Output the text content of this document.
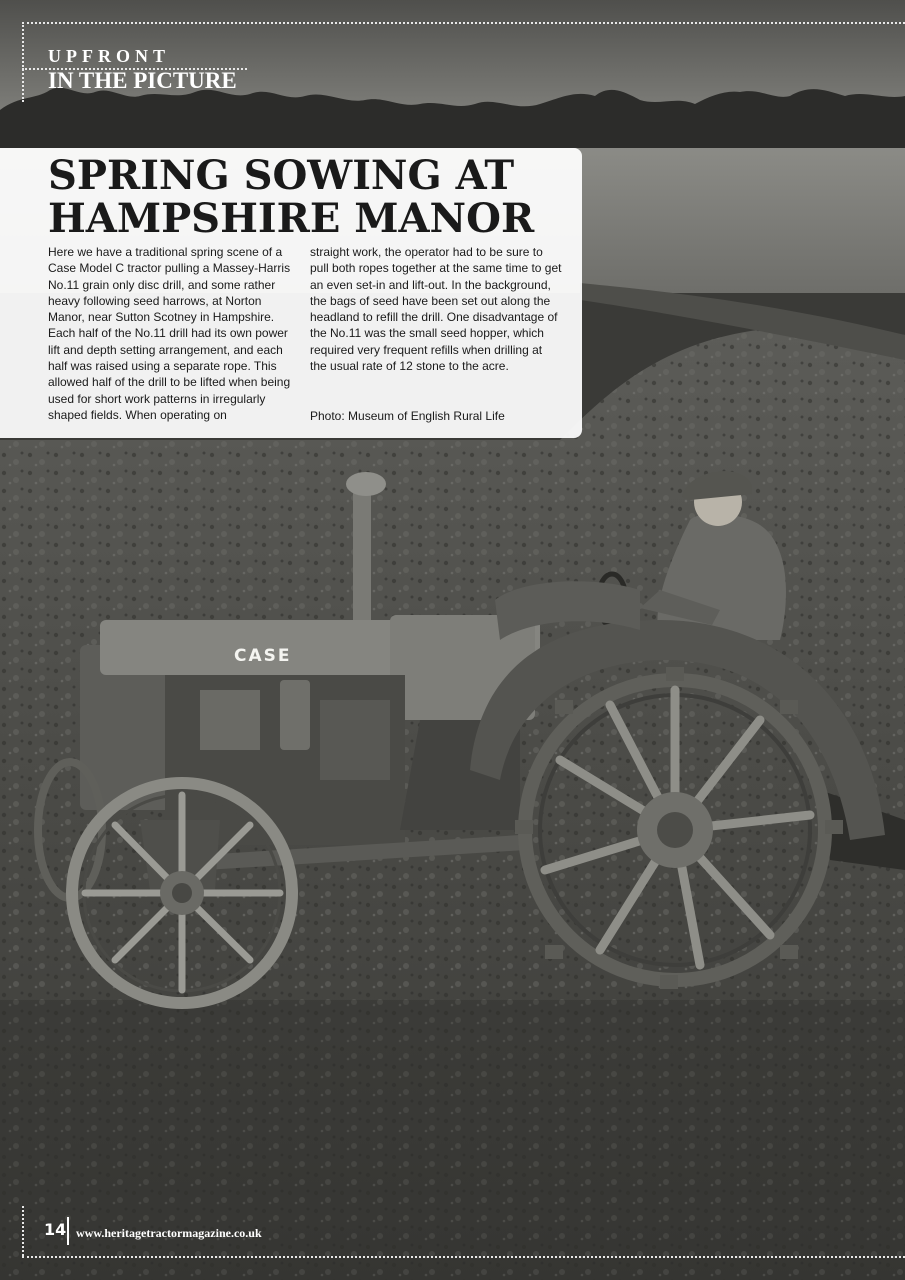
CASE

UPFRONT

IN THE PICTURE

SPRING SOWING AT HAMPSHIRE MANOR

Here we have a traditional spring scene of a Case Model C tractor pulling a Massey-Harris No.11 grain only disc drill, and some rather heavy following seed harrows, at Norton Manor, near Sutton Scotney in Hampshire. Each half of the No.11 drill had its own power lift and depth setting arrangement, and each half was raised using a separate rope. This allowed half of the drill to be lifted when being used for short work patterns in irregularly shaped fields. When operating on

straight work, the operator had to be sure to pull both ropes together at the same time to get an even set-in and lift-out. In the background, the bags of seed have been set out along the headland to refill the drill. One disadvantage of the No.11 was the small seed hopper, which required very frequent refills when drilling at the usual rate of 12 stone to the acre.

Photo: Museum of English Rural Life

14 www.heritagetractormagazine.co.uk
